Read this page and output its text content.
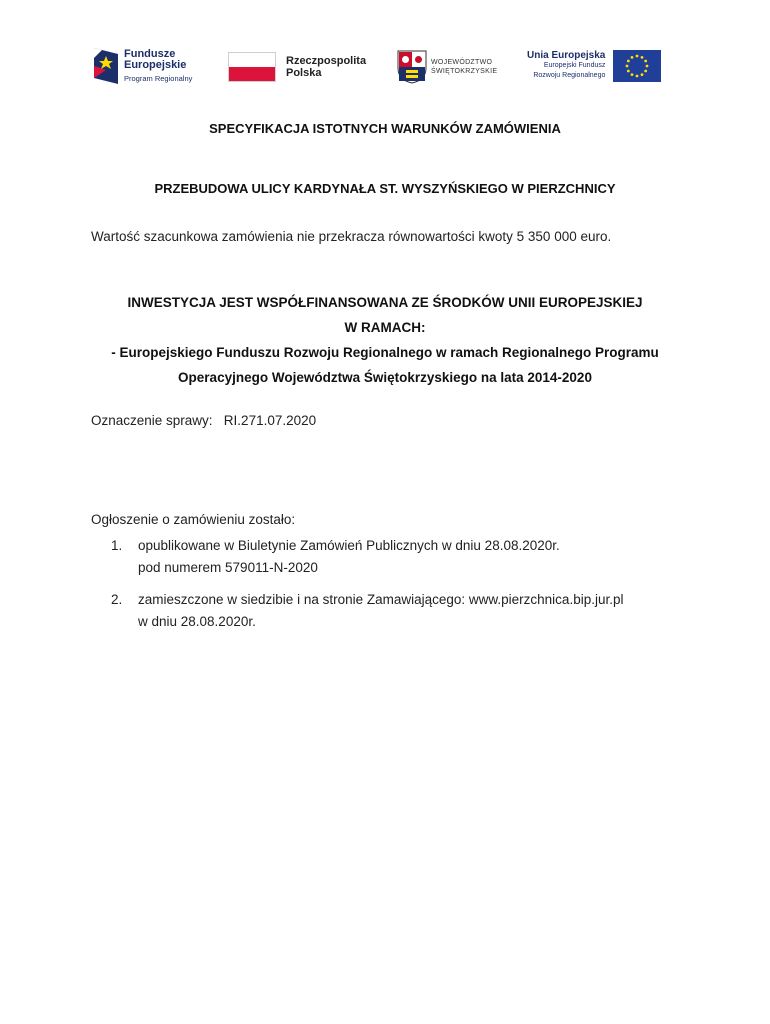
Fundusze
Europejskie
Program Regionalny
Rzeczpospolita
Polska
WOJEWÓDZTWO
ŚWIĘTOKRZYSKIE
Unia Europejska
Europejski Fundusz
Rozwoju Regionalnego
SPECYFIKACJA ISTOTNYCH WARUNKÓW ZAMÓWIENIA
PRZEBUDOWA ULICY KARDYNAŁA ST. WYSZYŃSKIEGO W PIERZCHNICY
Wartość szacunkowa zamówienia nie przekracza równowartości kwoty 5 350 000 euro.
INWESTYCJA JEST WSPÓŁFINANSOWANA ZE ŚRODKÓW UNII EUROPEJSKIEJ
W RAMACH:
- Europejskiego Funduszu Rozwoju Regionalnego w ramach Regionalnego Programu
Operacyjnego Województwa Świętokrzyskiego na lata 2014-2020
Oznaczenie sprawy:   RI.271.07.2020
Ogłoszenie o zamówieniu zostało:
1. opublikowane w Biuletynie Zamówień Publicznych w dniu 28.08.2020r.
pod numerem 579011-N-2020
2. zamieszczone w siedzibie i na stronie Zamawiającego: www.pierzchnica.bip.jur.pl
w dniu 28.08.2020r.
